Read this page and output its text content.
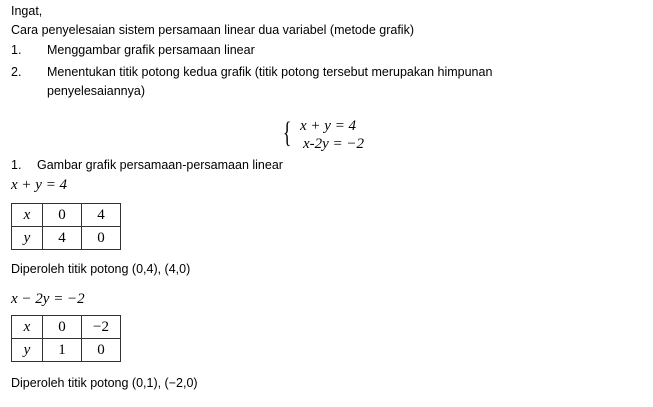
Ingat,
Cara penyelesaian sistem persamaan linear dua variabel (metode grafik)
1. Menggambar grafik persamaan linear
2. Menentukan titik potong kedua grafik (titik potong tersebut merupakan himpunan
penyelesaiannya)
{ x + y = 4
x-2y = −2
1. Gambar grafik persamaan-persamaan linear
x + y = 4
x	0	4
y	4	0
Diperoleh titik potong (0,4), (4,0)
x − 2y = −2
x	0	−2
y	1	0
Diperoleh titik potong (0,1), (−2,0)
